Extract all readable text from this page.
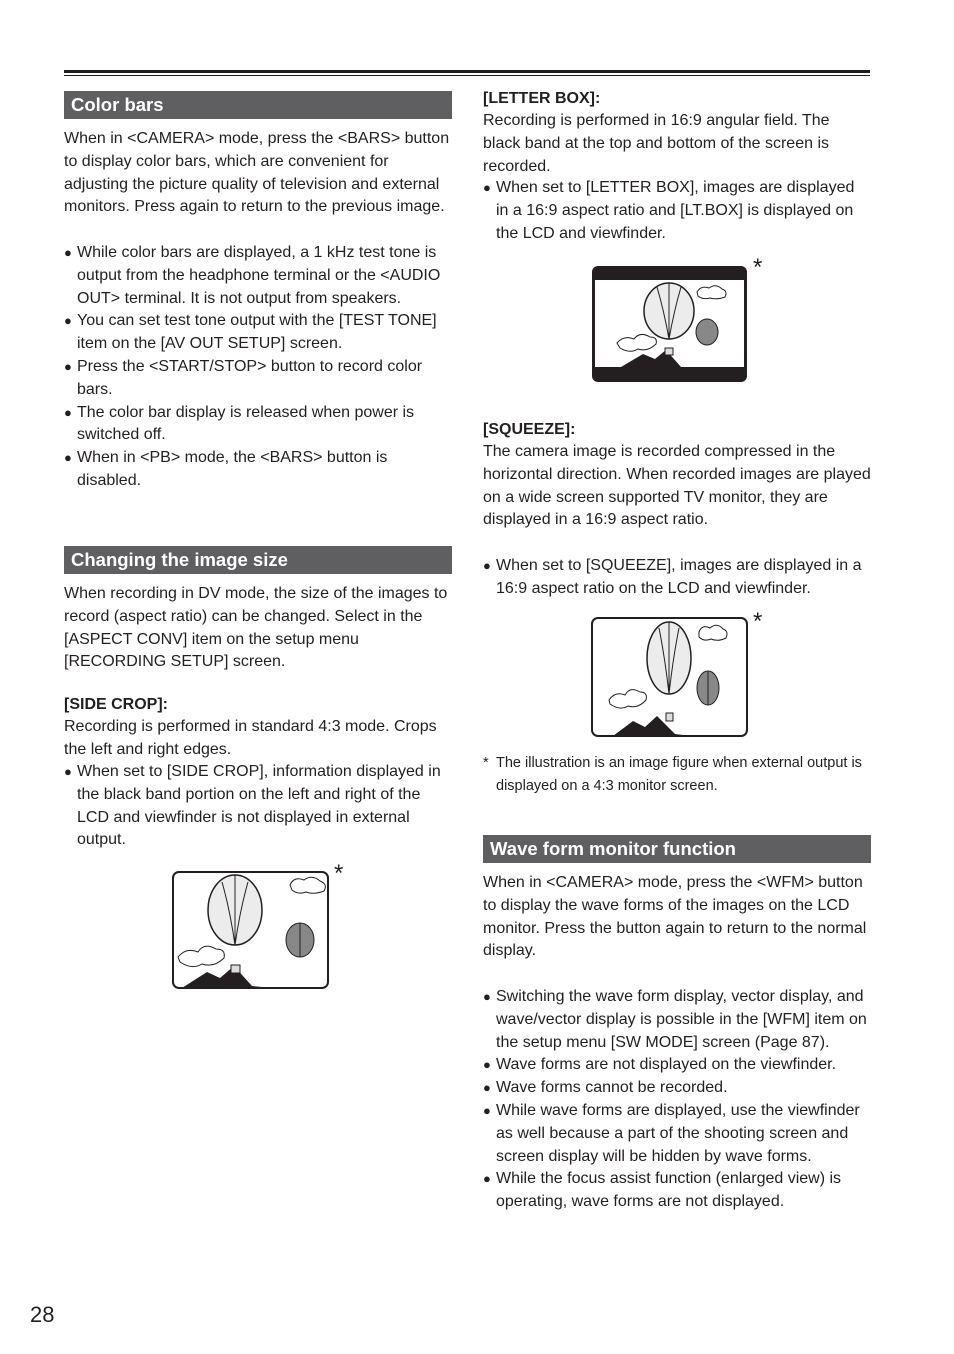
Color bars

When in <CAMERA> mode, press the <BARS> button to display color bars, which are convenient for adjusting the picture quality of television and external monitors. Press again to return to the previous image.

● While color bars are displayed, a 1 kHz test tone is output from the headphone terminal or the <AUDIO OUT> terminal. It is not output from speakers.
● You can set test tone output with the [TEST TONE] item on the [AV OUT SETUP] screen.
● Press the <START/STOP> button to record color bars.
● The color bar display is released when power is switched off.
● When in <PB> mode, the <BARS> button is disabled.
Changing the image size

When recording in DV mode, the size of the images to record (aspect ratio) can be changed. Select in the [ASPECT CONV] item on the setup menu [RECORDING SETUP] screen.

[SIDE CROP]:

Recording is performed in standard 4:3 mode. Crops the left and right edges.

● When set to [SIDE CROP], information displayed in the black band portion on the left and right of the LCD and viewfinder is not displayed in external output.
*
[LETTER BOX]:

Recording is performed in 16:9 angular field. The black band at the top and bottom of the screen is recorded.

● When set to [LETTER BOX], images are displayed in a 16:9 aspect ratio and [LT.BOX] is displayed on the LCD and viewfinder.
*
[SQUEEZE]:

The camera image is recorded compressed in the horizontal direction. When recorded images are played on a wide screen supported TV monitor, they are displayed in a 16:9 aspect ratio.

● When set to [SQUEEZE], images are displayed in a 16:9 aspect ratio on the LCD and viewfinder.
*
* The illustration is an image figure when external output is displayed on a 4:3 monitor screen.
Wave form monitor function

When in <CAMERA> mode, press the <WFM> button to display the wave forms of the images on the LCD monitor. Press the button again to return to the normal display.

● Switching the wave form display, vector display, and wave/vector display is possible in the [WFM] item on the setup menu [SW MODE] screen (Page 87).
● Wave forms are not displayed on the viewfinder.
● Wave forms cannot be recorded.
● While wave forms are displayed, use the viewfinder as well because a part of the shooting screen and screen display will be hidden by wave forms.
● While the focus assist function (enlarged view) is operating, wave forms are not displayed.
28
